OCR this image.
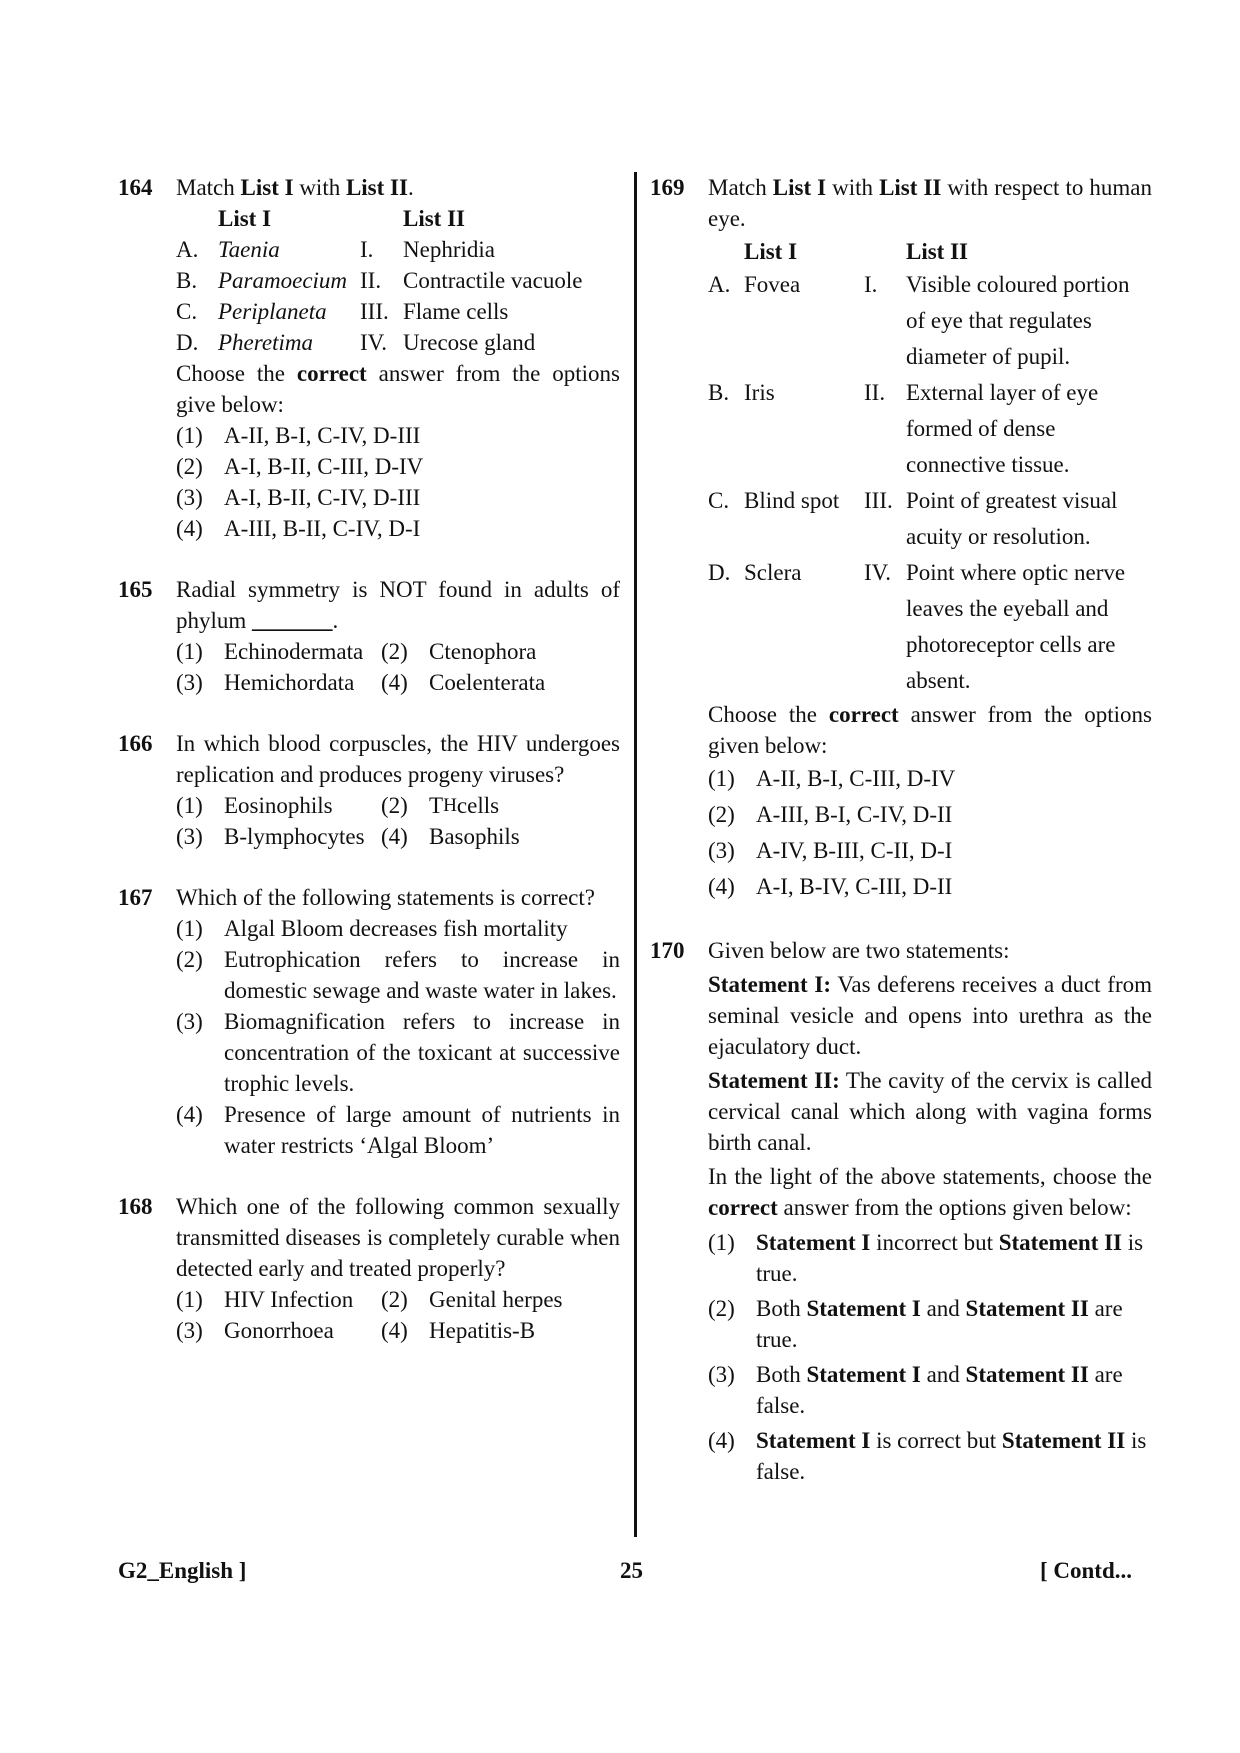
164 Match List I with List II.
	List I		List II
A.	Taenia	I.	Nephridia
B.	Paramoecium	II.	Contractile vacuole
C.	Periplaneta	III.	Flame cells
D.	Pheretima	IV.	Urecose gland
Choose the correct answer from the options give below:
(1) A-II, B-I, C-IV, D-III
(2) A-I, B-II, C-III, D-IV
(3) A-I, B-II, C-IV, D-III
(4) A-III, B-II, C-IV, D-I
165 Radial symmetry is NOT found in adults of phylum _______.
(1) Echinodermata (2) Ctenophora
(3) Hemichordata (4) Coelenterata
166 In which blood corpuscles, the HIV undergoes replication and produces progeny viruses?
(1) Eosinophils (2) T H cells
(3) B-lymphocytes (4) Basophils
167 Which of the following statements is correct?
(1) Algal Bloom decreases fish mortality
(2) Eutrophication refers to increase in domestic sewage and waste water in lakes.
(3) Biomagnification refers to increase in concentration of the toxicant at successive trophic levels.
(4) Presence of large amount of nutrients in water restricts ‘Algal Bloom’
168 Which one of the following common sexually transmitted diseases is completely curable when detected early and treated properly?
(1) HIV Infection (2) Genital herpes
(3) Gonorrhoea (4) Hepatitis-B
169 Match List I with List II with respect to human eye.
	List I		List II
A.	Fovea	I.	Visible coloured portion of eye that regulates diameter of pupil.
B.	Iris	II.	External layer of eye formed of dense connective tissue.
C.	Blind spot	III.	Point of greatest visual acuity or resolution.
D.	Sclera	IV.	Point where optic nerve leaves the eyeball and photoreceptor cells are absent.
Choose the correct answer from the options given below:
(1) A-II, B-I, C-III, D-IV
(2) A-III, B-I, C-IV, D-II
(3) A-IV, B-III, C-II, D-I
(4) A-I, B-IV, C-III, D-II
170 Given below are two statements:
Statement I: Vas deferens receives a duct from seminal vesicle and opens into urethra as the ejaculatory duct.
Statement II: The cavity of the cervix is called cervical canal which along with vagina forms birth canal.
In the light of the above statements, choose the correct answer from the options given below:
(1) Statement I incorrect but Statement II is true.
(2) Both Statement I and Statement II are true.
(3) Both Statement I and Statement II are false.
(4) Statement I is correct but Statement II is false.
G2_English ]	25	[ Contd...
